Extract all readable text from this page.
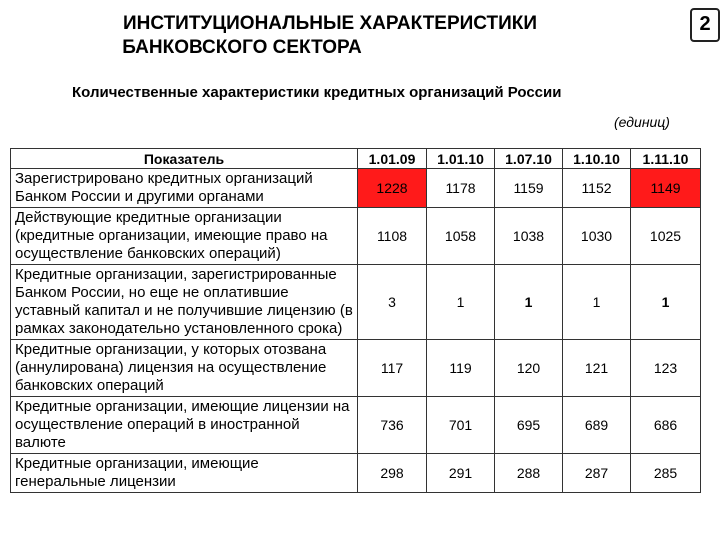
ИНСТИТУЦИОНАЛЬНЫЕ ХАРАКТЕРИСТИКИ
БАНКОВСКОГО СЕКТОРА
2
Количественные характеристики кредитных организаций России
(единиц)
Показатель	1.01.09	1.01.10	1.07.10	1.10.10	1.11.10
Зарегистрировано кредитных организаций Банком России и другими органами	1228	1178	1159	1152	1149
Действующие кредитные организации (кредитные организации, имеющие право на осуществление банковских операций)	1108	1058	1038	1030	1025
Кредитные организации, зарегистрированные Банком России, но еще не оплатившие уставный капитал и не получившие лицензию (в рамках законодательно установленного срока)	3	1	1	1	1
Кредитные организации, у которых отозвана (аннулирована) лицензия на осуществление банковских операций	117	119	120	121	123
Кредитные организации, имеющие лицензии на осуществление операций в иностранной валюте	736	701	695	689	686
Кредитные организации, имеющие генеральные лицензии	298	291	288	287	285
